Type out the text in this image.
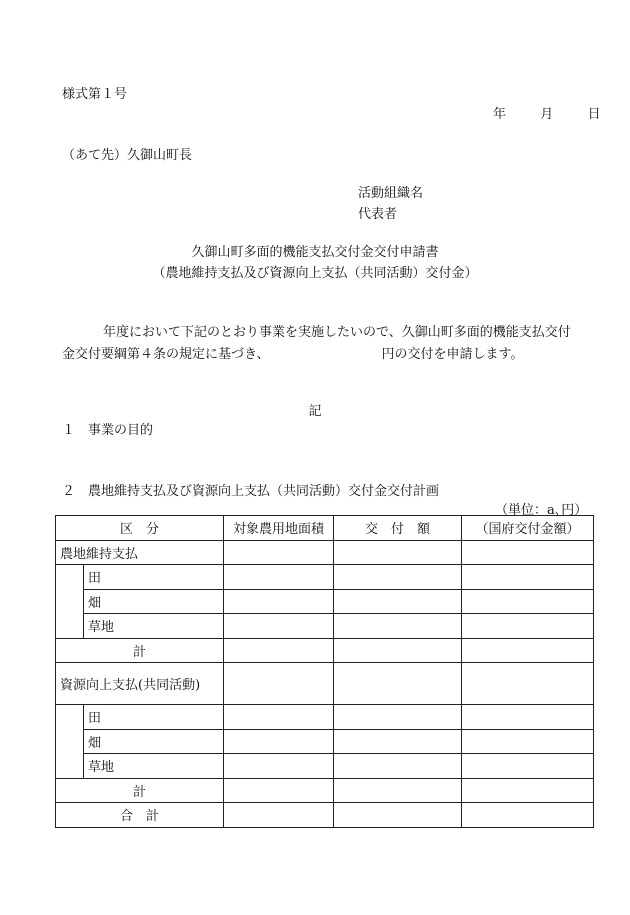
様式第１号
年	月	日
（あて先）久御山町長
活動組織名
代表者
久御山町多面的機能支払交付金交付申請書
（農地維持支払及び資源向上支払（共同活動）交付金）
年度において下記のとおり事業を実施したいので、久御山町多面的機能支払交付
金交付要綱第４条の規定に基づき、	円の交付を申請します。
記
１　事業の目的
２　農地維持支払及び資源向上支払（共同活動）交付金交付計画
（単位：a､円）
区　分		対象農用地面積	交　付　額	（国府交付金額）
農地維持支払				
	田			
	畑			
	草地			
計				
資源向上支払(共同活動)				
	田			
	畑			
	草地			
計				
合　計				
